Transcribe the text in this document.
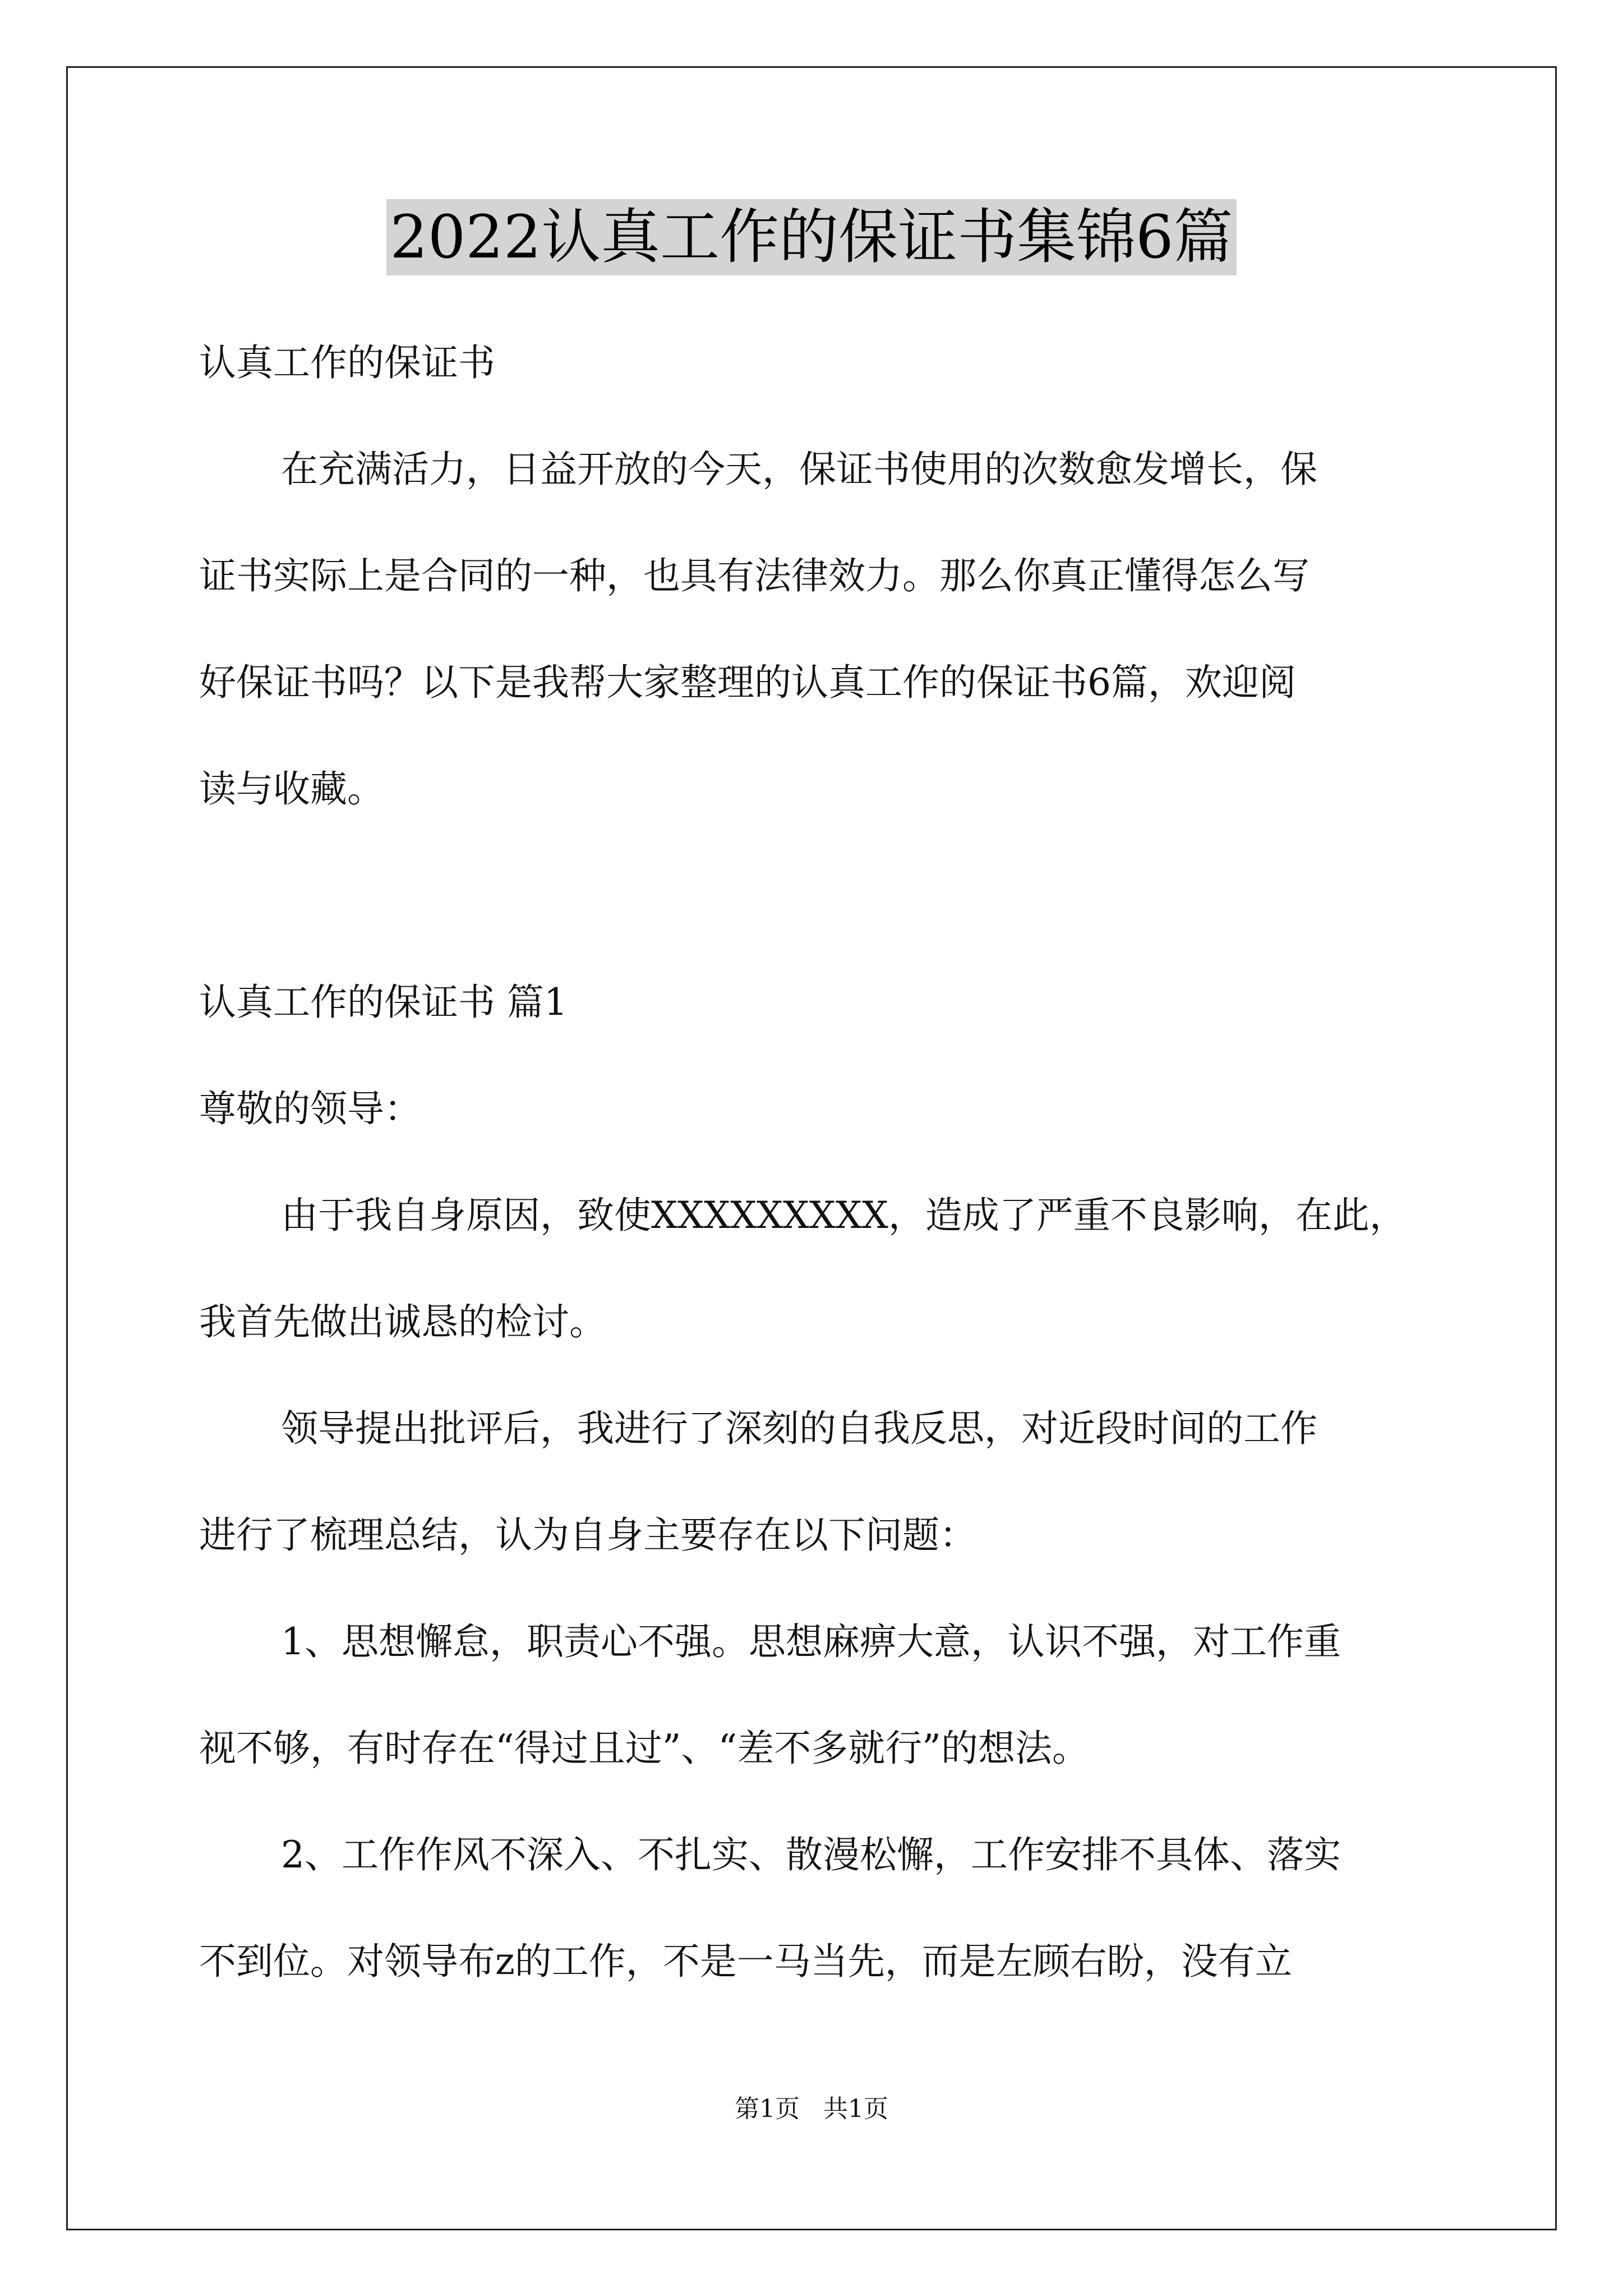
2022认真工作的保证书集锦6篇
认真工作的保证书
在充满活力，日益开放的今天，保证书使用的次数愈发增长，保
证书实际上是合同的一种，也具有法律效力。那么你真正懂得怎么写
好保证书吗？以下是我帮大家整理的认真工作的保证书6篇，欢迎阅
读与收藏。
认真工作的保证书 篇1
尊敬的领导：
由于我自身原因，致使XXXXXXXXX，造成了严重不良影响，在此，
我首先做出诚恳的检讨。
领导提出批评后，我进行了深刻的自我反思，对近段时间的工作
进行了梳理总结，认为自身主要存在以下问题：
1、思想懈怠，职责心不强。思想麻痹大意，认识不强，对工作重
视不够，有时存在“得过且过”、“差不多就行”的想法。
2、工作作风不深入、不扎实、散漫松懈，工作安排不具体、落实
不到位。对领导布z的工作，不是一马当先，而是左顾右盼，没有立
第1页 共1页
